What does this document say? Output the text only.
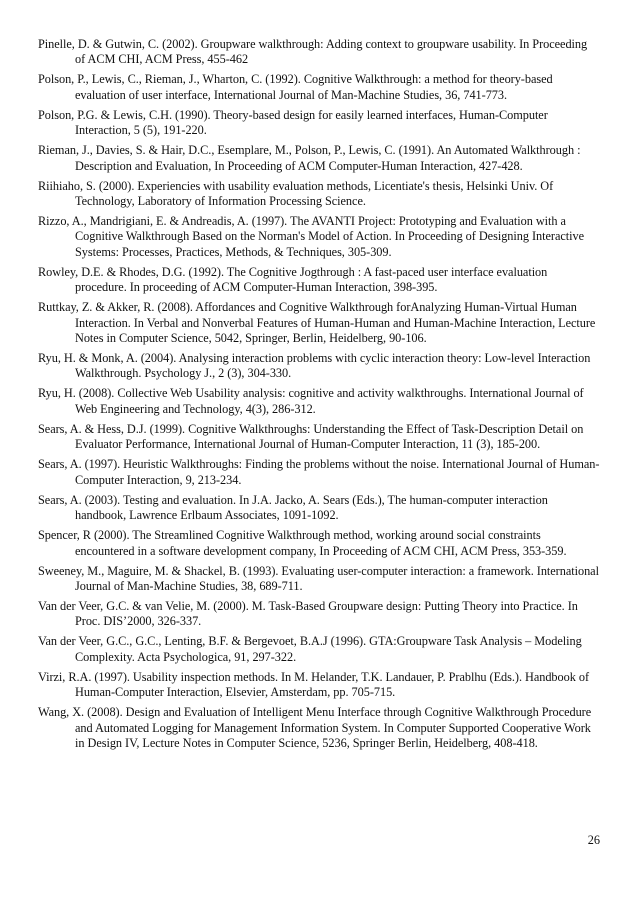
Pinelle, D. & Gutwin, C. (2002). Groupware walkthrough: Adding context to groupware usability. In Proceeding of ACM CHI, ACM Press, 455-462
Polson, P., Lewis, C., Rieman, J., Wharton, C. (1992). Cognitive Walkthrough: a method for theory-based evaluation of user interface, International Journal of Man-Machine Studies, 36, 741-773.
Polson, P.G. & Lewis, C.H. (1990). Theory-based design for easily learned interfaces, Human-Computer Interaction, 5 (5), 191-220.
Rieman, J., Davies, S. & Hair, D.C., Esemplare, M., Polson, P., Lewis, C. (1991). An Automated Walkthrough : Description and Evaluation, In Proceeding of ACM Computer-Human Interaction, 427-428.
Riihiaho, S. (2000). Experiencies with usability evaluation methods, Licentiate's thesis, Helsinki Univ. Of Technology, Laboratory of Information Processing Science.
Rizzo, A., Mandrigiani, E. & Andreadis, A. (1997). The AVANTI Project: Prototyping and Evaluation with a Cognitive Walkthrough Based on the Norman's Model of Action. In Proceeding of Designing Interactive Systems: Processes, Practices, Methods, & Techniques, 305-309.
Rowley, D.E. & Rhodes, D.G. (1992). The Cognitive Jogthrough : A fast-paced user interface evaluation procedure. In proceeding of ACM Computer-Human Interaction, 398-395.
Ruttkay, Z. & Akker, R. (2008). Affordances and Cognitive Walkthrough forAnalyzing Human-Virtual Human Interaction. In Verbal and Nonverbal Features of Human-Human and Human-Machine Interaction, Lecture Notes in Computer Science, 5042, Springer, Berlin, Heidelberg, 90-106.
Ryu, H. & Monk, A. (2004). Analysing interaction problems with cyclic interaction theory: Low-level Interaction Walkthrough. Psychology J., 2 (3), 304-330.
Ryu, H. (2008). Collective Web Usability analysis: cognitive and activity walkthroughs. International Journal of Web Engineering and Technology, 4(3), 286-312.
Sears, A. & Hess, D.J. (1999). Cognitive Walkthroughs: Understanding the Effect of Task-Description Detail on Evaluator Performance, International Journal of Human-Computer Interaction, 11 (3), 185-200.
Sears, A. (1997). Heuristic Walkthroughs: Finding the problems without the noise. International Journal of Human-Computer Interaction, 9, 213-234.
Sears, A. (2003). Testing and evaluation. In J.A. Jacko, A. Sears (Eds.), The human-computer interaction handbook, Lawrence Erlbaum Associates, 1091-1092.
Spencer, R (2000). The Streamlined Cognitive Walkthrough method, working around social constraints encountered in a software development company, In Proceeding of ACM CHI, ACM Press, 353-359.
Sweeney, M., Maguire, M. & Shackel, B. (1993). Evaluating user-computer interaction: a framework. International Journal of Man-Machine Studies, 38, 689-711.
Van der Veer, G.C. & van Velie, M. (2000). M. Task-Based Groupware design: Putting Theory into Practice. In Proc. DIS’2000, 326-337.
Van der Veer, G.C., G.C., Lenting, B.F. & Bergevoet, B.A.J (1996). GTA:Groupware Task Analysis – Modeling Complexity. Acta Psychologica, 91, 297-322.
Virzi, R.A. (1997). Usability inspection methods. In M. Helander, T.K. Landauer, P. Prablhu (Eds.). Handbook of Human-Computer Interaction, Elsevier, Amsterdam, pp. 705-715.
Wang, X. (2008). Design and Evaluation of Intelligent Menu Interface through Cognitive Walkthrough Procedure and Automated Logging for Management Information System. In Computer Supported Cooperative Work in Design IV, Lecture Notes in Computer Science, 5236, Springer Berlin, Heidelberg, 408-418.
26
